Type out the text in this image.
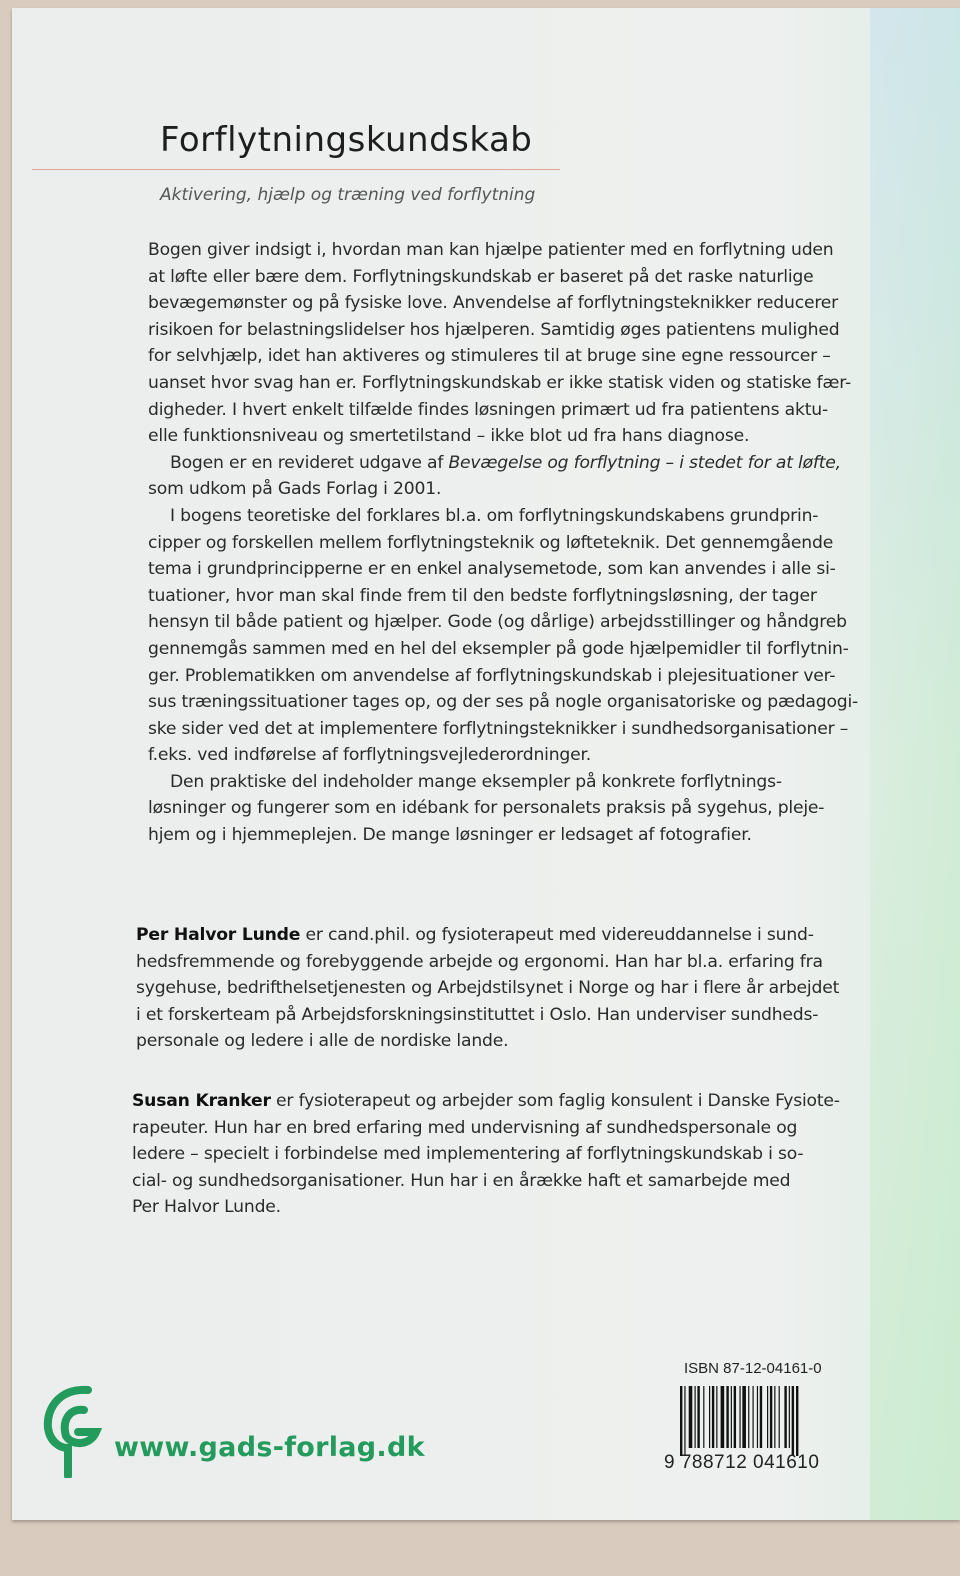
Forflytningskundskab
Aktivering, hjælp og træning ved forflytning
Bogen giver indsigt i, hvordan man kan hjælpe patienter med en forflytning uden
at løfte eller bære dem. Forflytningskundskab er baseret på det raske naturlige
bevægemønster og på fysiske love. Anvendelse af forflytningsteknikker reducerer
risikoen for belastningslidelser hos hjælperen. Samtidig øges patientens mulighed
for selvhjælp, idet han aktiveres og stimuleres til at bruge sine egne ressourcer –
uanset hvor svag han er. Forflytningskundskab er ikke statisk viden og statiske fær-
digheder. I hvert enkelt tilfælde findes løsningen primært ud fra patientens aktu-
elle funktionsniveau og smertetilstand – ikke blot ud fra hans diagnose.
Bogen er en revideret udgave af Bevægelse og forflytning – i stedet for at løfte,
som udkom på Gads Forlag i 2001.
I bogens teoretiske del forklares bl.a. om forflytningskundskabens grundprin-
cipper og forskellen mellem forflytningsteknik og løfteteknik. Det gennemgående
tema i grundprincipperne er en enkel analysemetode, som kan anvendes i alle si-
tuationer, hvor man skal finde frem til den bedste forflytningsløsning, der tager
hensyn til både patient og hjælper. Gode (og dårlige) arbejdsstillinger og håndgreb
gennemgås sammen med en hel del eksempler på gode hjælpemidler til forflytnin-
ger. Problematikken om anvendelse af forflytningskundskab i plejesituationer ver-
sus træningssituationer tages op, og der ses på nogle organisatoriske og pædagogi-
ske sider ved det at implementere forflytningsteknikker i sundhedsorganisationer –
f.eks. ved indførelse af forflytningsvejlederordninger.
Den praktiske del indeholder mange eksempler på konkrete forflytnings-
løsninger og fungerer som en idébank for personalets praksis på sygehus, pleje-
hjem og i hjemmeplejen. De mange løsninger er ledsaget af fotografier.
Per Halvor Lunde er cand.phil. og fysioterapeut med videreuddannelse i sund-
hedsfremmende og forebyggende arbejde og ergonomi. Han har bl.a. erfaring fra
sygehuse, bedrifthelsetjenesten og Arbejdstilsynet i Norge og har i flere år arbejdet
i et forskerteam på Arbejdsforskningsinstituttet i Oslo. Han underviser sundheds-
personale og ledere i alle de nordiske lande.
Susan Kranker er fysioterapeut og arbejder som faglig konsulent i Danske Fysiote-
rapeuter. Hun har en bred erfaring med undervisning af sundhedspersonale og
ledere – specielt i forbindelse med implementering af forflytningskundskab i so-
cial- og sundhedsorganisationer. Hun har i en årække haft et samarbejde med
Per Halvor Lunde.
www.gads-forlag.dk
ISBN 87-12-04161-0
9 788712 041610
